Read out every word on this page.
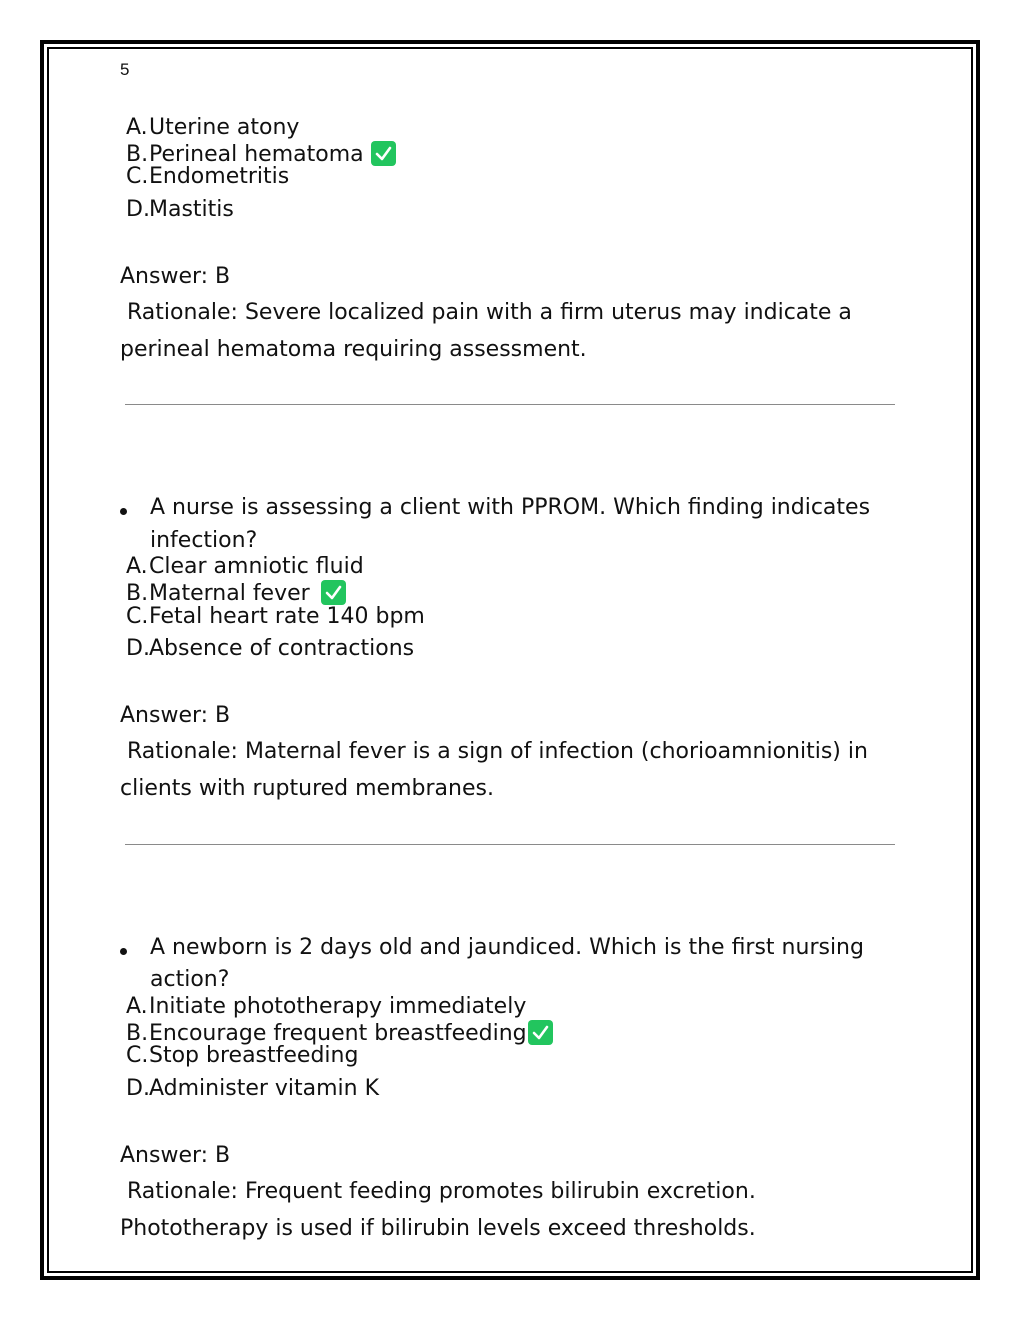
5
A. Uterine atony
B. Perineal hematoma
C. Endometritis
D. Mastitis
Answer: B
Rationale: Severe localized pain with a firm uterus may indicate a
perineal hematoma requiring assessment.
A nurse is assessing a client with PPROM. Which finding indicates
infection?
A. Clear amniotic fluid
B. Maternal fever
C. Fetal heart rate 140 bpm
D. Absence of contractions
Answer: B
Rationale: Maternal fever is a sign of infection (chorioamnionitis) in
clients with ruptured membranes.
A newborn is 2 days old and jaundiced. Which is the first nursing
action?
A. Initiate phototherapy immediately
B. Encourage frequent breastfeeding
C. Stop breastfeeding
D. Administer vitamin K
Answer: B
Rationale: Frequent feeding promotes bilirubin excretion.
Phototherapy is used if bilirubin levels exceed thresholds.
